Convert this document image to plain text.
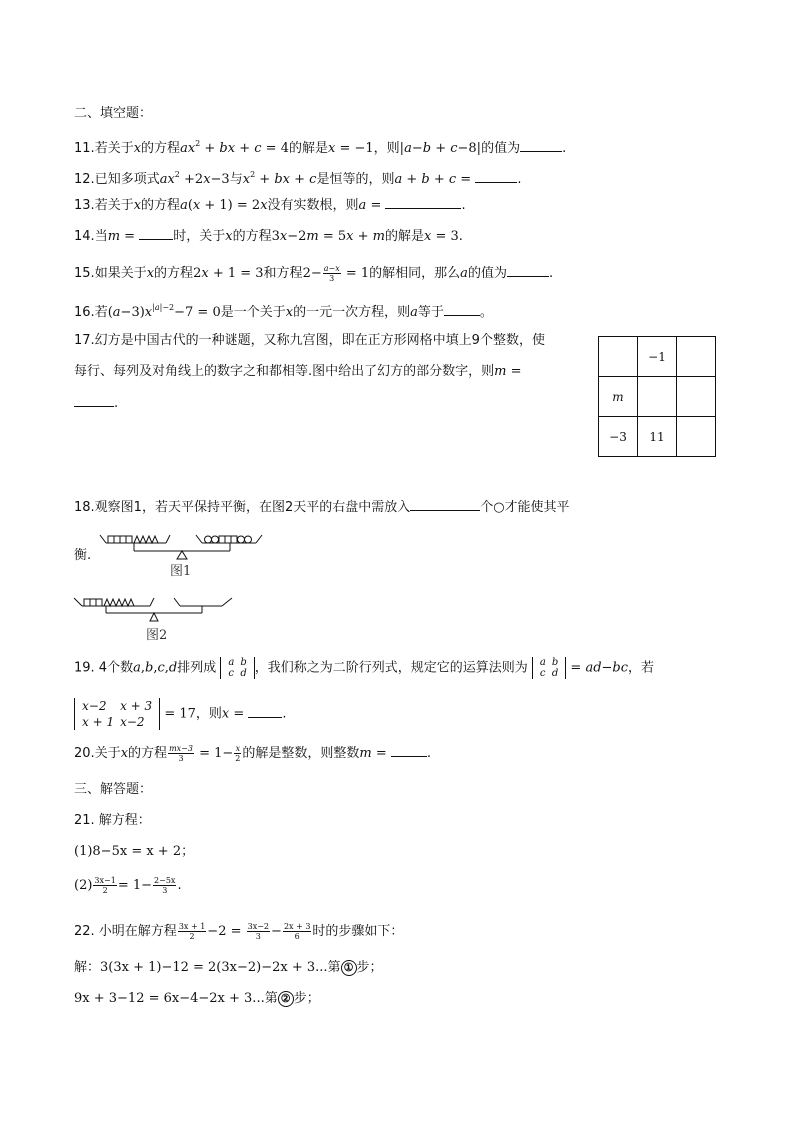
二、填空题：
11.若关于x的方程$ax^2$ + bx + c = 4的解是x = −1，则|a−b + c−8|的值为	.
12.已知多项式$ax^2 +2x-3$与$x^2$ + bx + c是恒等的，则a + b + c =	.
13.若关于x的方程a(x + 1) = 2x没有实数根，则a =	.
14.当m =	时，关于x的方程3x−2m = 5x + m的解是x = 3.
15.如果关于x的方程2x + 1 = 3和方程$2- \frac{a-x}{3} = 1$的解相同，那么a的值为	.
16.若$(a-3)x^{|a|-2}-7 = 0$是一个关于x的一元一次方程，则a等于	。
17.幻方是中国古代的一种谜题，又称九宫图，即在正方形网格中填上9个整数，使
每行、每列及对角线上的数字之和都相等.图中给出了幻方的部分数字，则m =
.
	−1	
m		
−3	11	
18.观察图1，若天平保持平衡，在图2天平的右盘中需放入	个○才能使其平
衡.
图1
图2
19. 4个数a,b,c,d排列成 a	b
c	d ，我们称之为二阶行列式，规定它的运算法则为 a	b
c	d = ad−bc，若
x−2	x + 3
x + 1	x−2
= 17，则x =	.
20.关于x的方程 $\frac{mx-3}{3} = 1- \frac{x}{2}$ 的解是整数，则整数m =	.
三、解答题：
21. 解方程：
(1)8−5x = x + 2；
$(2) \frac{3x-1}{2} = 1- \frac{2-5x}{3}$ .
22. 小明在解方程 $\frac{3x + 1}{2} -2 = \frac{3x-2}{3} - \frac{2x + 3}{6}$ 时的步骤如下：
解：3(3x + 1)−12 = 2(3x−2)−2x + 3...第 ① 步；
9x + 3−12 = 6x−4−2x + 3...第 ② 步；
